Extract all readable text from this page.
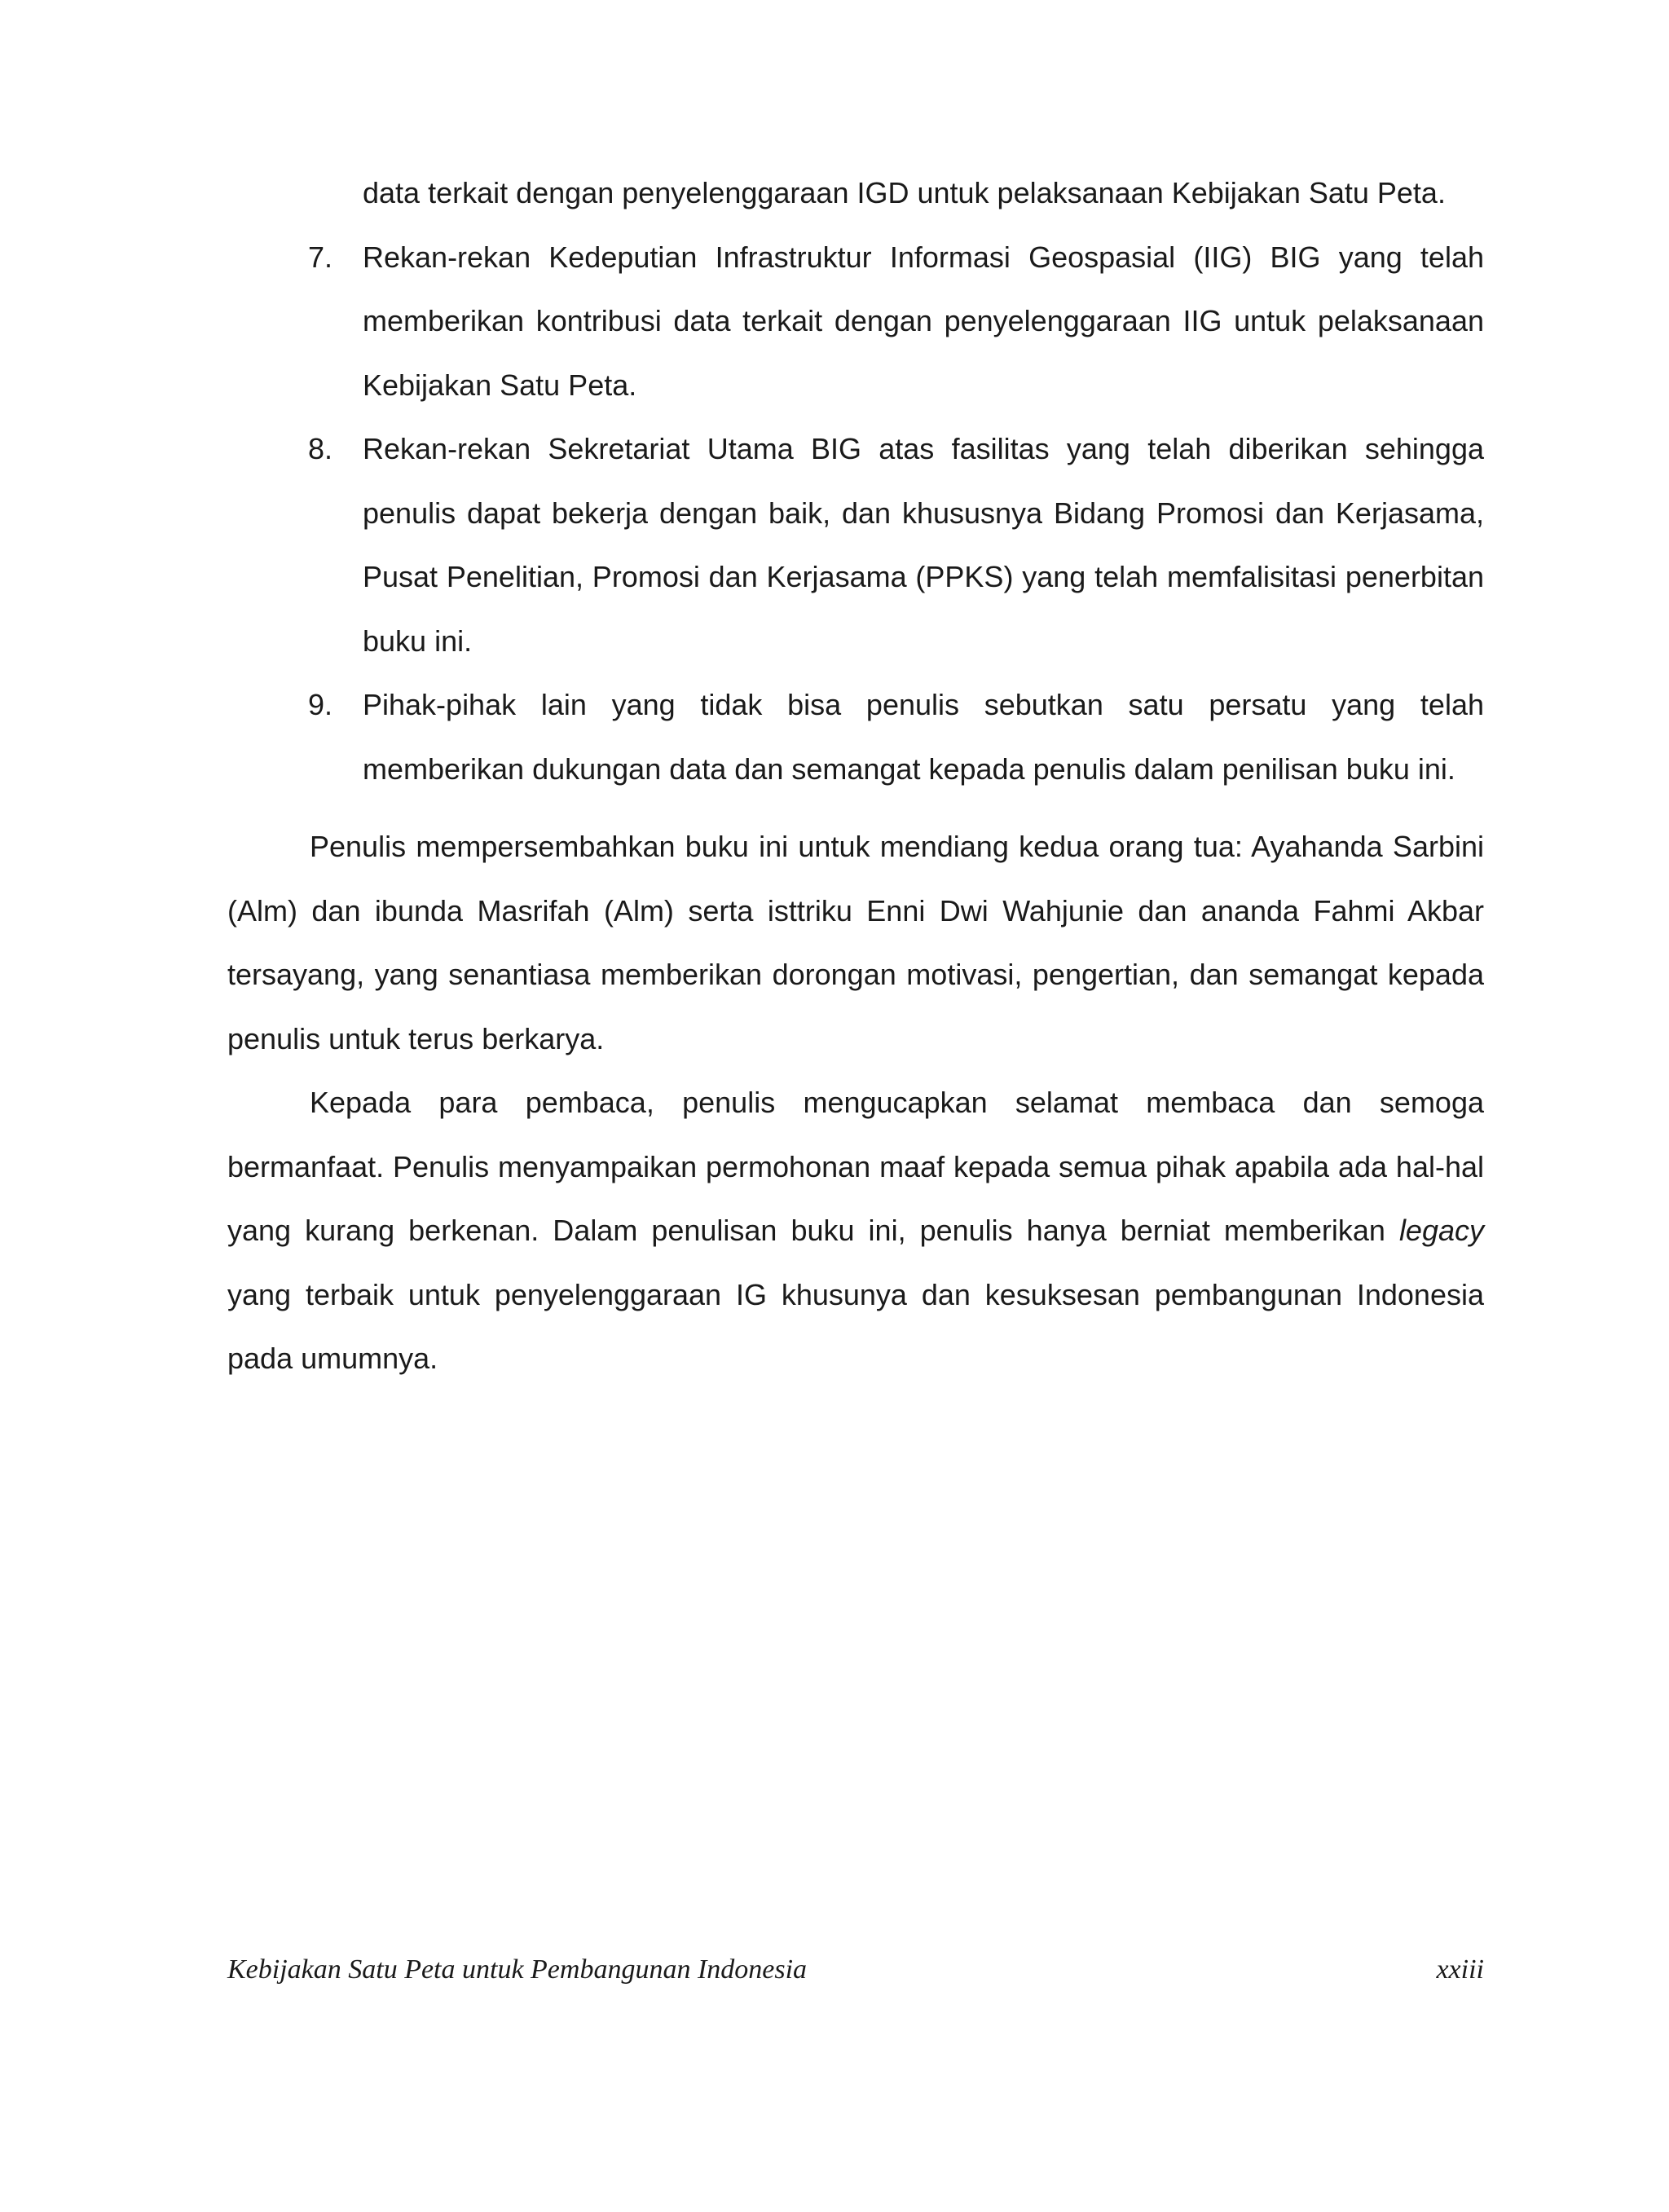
data terkait dengan penyelenggaraan IGD untuk pelaksanaan Kebijakan Satu Peta.
7. Rekan-rekan Kedeputian Infrastruktur Informasi Geospasial (IIG) BIG yang telah memberikan kontribusi data terkait dengan penyelenggaraan IIG untuk pelaksanaan Kebijakan Satu Peta.
8. Rekan-rekan Sekretariat Utama BIG atas fasilitas yang telah diberikan sehingga penulis dapat bekerja dengan baik, dan khususnya Bidang Promosi dan Kerjasama, Pusat Penelitian, Promosi dan Kerjasama (PPKS) yang telah memfalisitasi penerbitan buku ini.
9. Pihak-pihak lain yang tidak bisa penulis sebutkan satu persatu yang telah memberikan dukungan data dan semangat kepada penulis dalam penilisan buku ini.

Penulis mempersembahkan buku ini untuk mendiang kedua orang tua: Ayahanda Sarbini (Alm) dan ibunda Masrifah (Alm) serta isttriku Enni Dwi Wahjunie dan ananda Fahmi Akbar tersayang, yang senantiasa memberikan dorongan motivasi, pengertian, dan semangat kepada penulis untuk terus berkarya.

Kepada para pembaca, penulis mengucapkan selamat membaca dan semoga bermanfaat. Penulis menyampaikan permohonan maaf kepada semua pihak apabila ada hal-hal yang kurang berkenan. Dalam penulisan buku ini, penulis hanya berniat memberikan legacy yang terbaik untuk penyelenggaraan IG khusunya dan kesuksesan pembangunan Indonesia pada umumnya.

Kebijakan Satu Peta untuk Pembangunan Indonesia	xxiii
